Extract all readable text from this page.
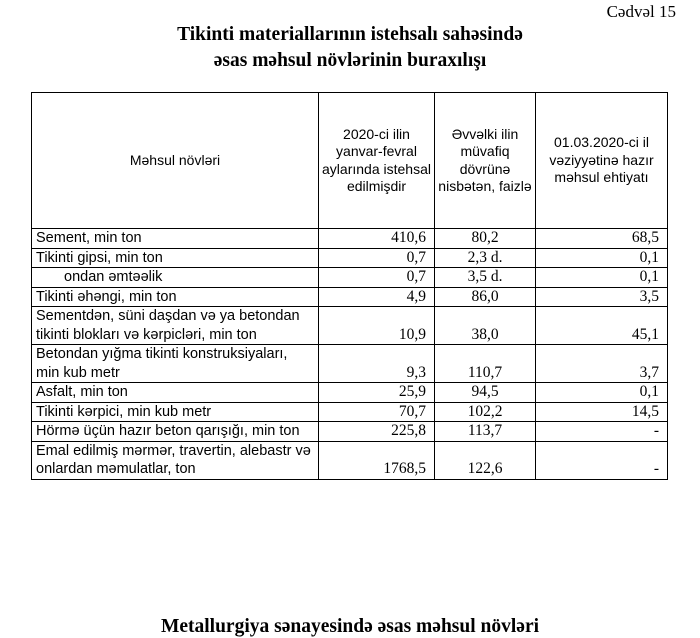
Cədvəl 15
Tikinti materiallarının istehsalı sahəsində
əsas məhsul növlərinin buraxılışı
Məhsul növləri	2020-ci ilin yanvar-fevral aylarında istehsal edilmişdir	Əvvəlki ilin müvafiq dövrünə nisbətən, faizlə	01.03.2020-ci il vəziyyətinə hazır məhsul ehtiyatı
Sement, min ton	410,6	80,2	68,5
Tikinti gipsi, min ton	0,7	2,3 d.	0,1
ondan əmtəəlik	0,7	3,5 d.	0,1
Tikinti əhəngi, min ton	4,9	86,0	3,5
Sementdən, süni daşdan və ya betondan tikinti blokları və kərpicləri, min ton	10,9	38,0	45,1
Betondan yığma tikinti konstruksiyaları, min kub metr	9,3	110,7	3,7
Asfalt, min ton	25,9	94,5	0,1
Tikinti kərpici, min kub metr	70,7	102,2	14,5
Hörmə üçün hazır beton qarışığı, min ton	225,8	113,7	-
Emal edilmiş mərmər, travertin, alebastr və onlardan məmulatlar, ton	1768,5	122,6	-
Metallurgiya sənayesində əsas məhsul növləri
